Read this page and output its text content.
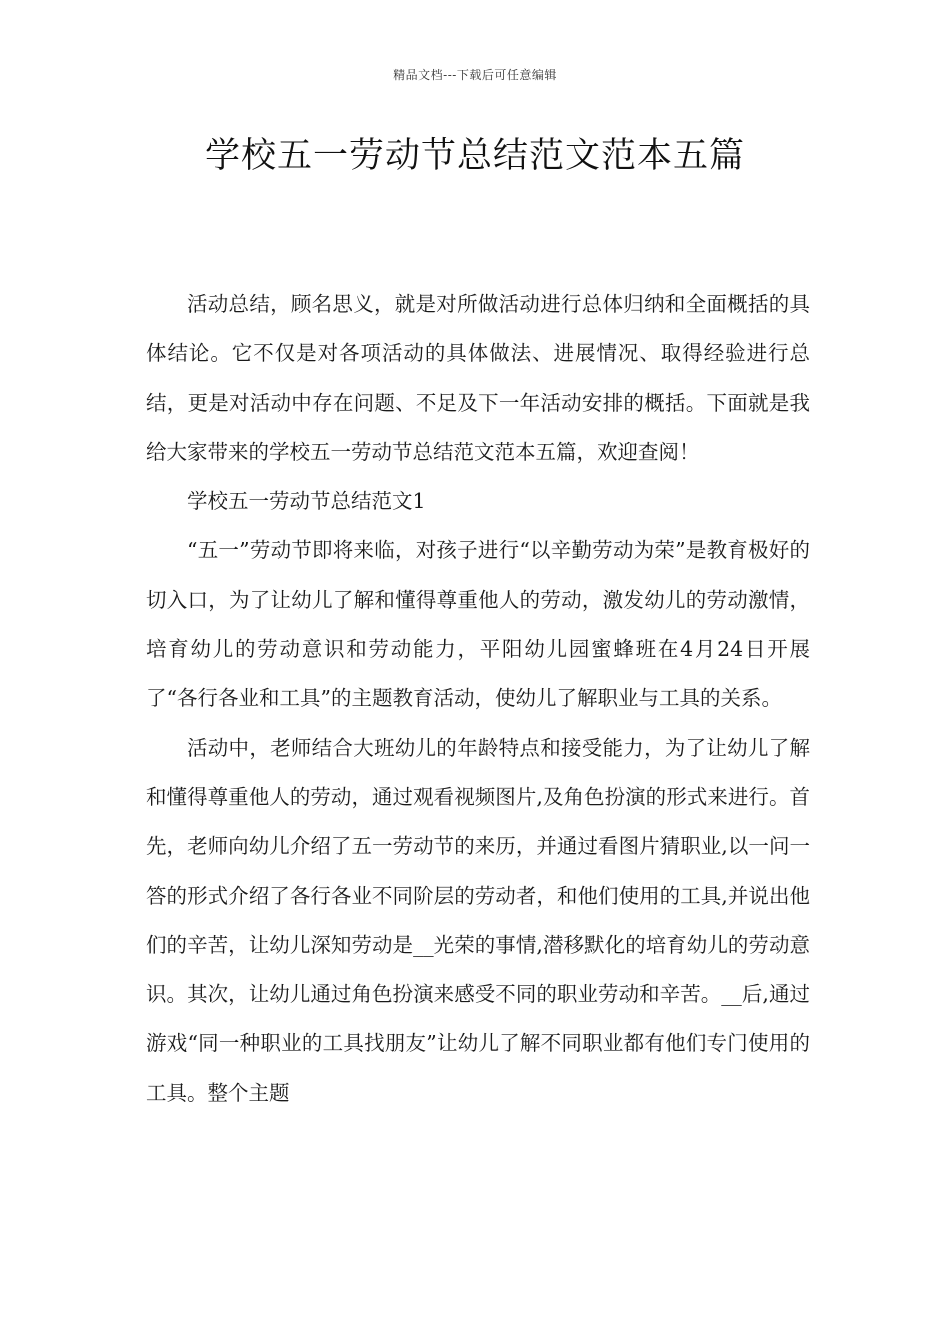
精品文档---下载后可任意编辑
学校五一劳动节总结范文范本五篇

活动总结，顾名思义，就是对所做活动进行总体归纳和全面概括的具体结论。它不仅是对各项活动的具体做法、进展情况、取得经验进行总结，更是对活动中存在问题、不足及下一年活动安排的概括。下面就是我给大家带来的学校五一劳动节总结范文范本五篇，欢迎查阅！

学校五一劳动节总结范文1

“五一”劳动节即将来临，对孩子进行“以辛勤劳动为荣”是教育极好的切入口，为了让幼儿了解和懂得尊重他人的劳动，激发幼儿的劳动激情，培育幼儿的劳动意识和劳动能力，平阳幼儿园蜜蜂班在4月24日开展了“各行各业和工具”的主题教育活动，使幼儿了解职业与工具的关系。

活动中，老师结合大班幼儿的年龄特点和接受能力，为了让幼儿了解和懂得尊重他人的劳动，通过观看视频图片,及角色扮演的形式来进行。首先，老师向幼儿介绍了五一劳动节的来历，并通过看图片猜职业,以一问一答的形式介绍了各行各业不同阶层的劳动者，和他们使用的工具,并说出他们的辛苦，让幼儿深知劳动是__光荣的事情,潜移默化的培育幼儿的劳动意识。其次，让幼儿通过角色扮演来感受不同的职业劳动和辛苦。__后,通过游戏“同一种职业的工具找朋友”让幼儿了解不同职业都有他们专门使用的工具。整个主题
